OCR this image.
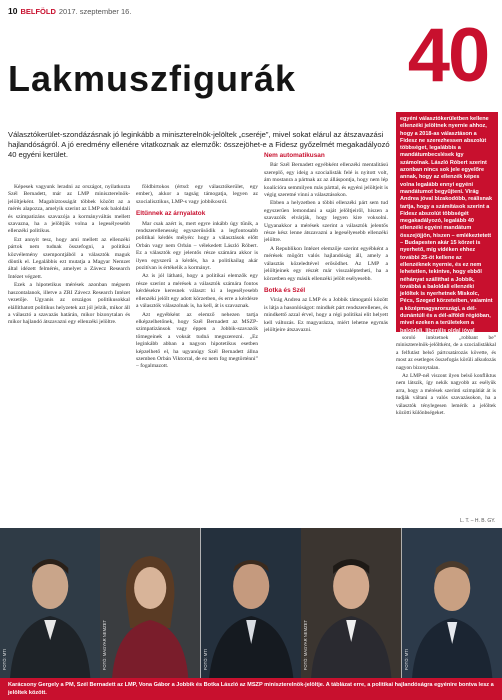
10 BELFÖLD 2017. szeptember 16.
40
Lakmuszfigurák

Választókerület-szondázásnak jó leginkább a miniszterelnök-jelöltek „cseréje”, mivel sokat elárul az átszavazási hajlandóságról. A jó eredmény ellenére vitatkoznak az elemzők: összejöhet-e a Fidesz győzelmét megakadályozó 40 egyéni kerület.

Képesek vagyunk leradni az országot, nyilatkozta Szél Bernadett, már az LMP miniszterelnök-jelöltjeként. Magabiztosságát többek között az a mérés alapozza, amelyik szerint az LMP sok baloldali és szimpatizáns szavazója a kormányváltás mellett szavazna, ha a jelöltjük volna a legesélyesebb ellenzéki politikus.

Ezt annyit tesz, hogy ami mellett az ellenzéki pártok nem tudnak összefogni, a politikai közvélemény szempontjából a választók maguk döntik el. Legalábbis ezt mutatja a Magyar Nemzet által idézett felmérés, amelyet a Závecz Research Intézet végzett.

Ezek a hipotetikus mérések azonban mégsem haszontalanok, illetve a ZRI Závecz Research Intézet vezetője. Ugyanis az országos politikusokkal elállíthatott politikus helyzetek azt jól jelzik, mikor áll a választó a szavazás határán, mikor bizonytalan és mikor hajlandó átszavazni egy ellenzéki jelöltre.

földbirtokos (értsd: egy választókerület, egy ember), akkor a tagság támogatja, legyen az szocialisztikus, LMP-s vagy jobbikosról.

Eltűnnek az árnyalatok

Mar csak azért is, mert egyre inkább úgy tűnik, a rendszerellenesség egyszerűsödik a legfontosabb politikai kérdés mélyén: hogy a választások előtt Orbán vagy nem Orbán – vélekedett László Róbert. Ez a választók egy jelentős része számára akkor is ilyen egyszerű a kérdés, ha a politikailag akár pozitívan is értékelik a kormányt.

Az is jól látható, hogy a politikai elemzők egy része szerint a mérések a választók számára fontos kérdésekre keresnek választ: ki a legesélyesebb ellenzéki jelölt egy adott körzetben, és erre a kérdésre a választók válaszolnak is, ha kell, át is szavaznak.

Azt egyébként az elemző nehezen tartja elképzelhetőnek, hogy Szél Bernadett az MSZP-szimpatizánsok vagy éppen a Jobbik-szavazók tömegeinek a voksát tudná megszerezni. „Ez leginkább abban a nagyon hipotetikus esetben képzelhető el, ha ugyanúgy Szél Bernadett állna szemben Orbán Viktorral, de ez nem fog megtörténni” – fogalmazott.

Nem automatikusan

Bár Szél Bernadett egyébként ellenzéki mentalitású szereplő, egy ideig a szocialisták felé is nyitott volt, ám mostanra a pártnak az az álláspontja, hogy nem lép koalícióra semmilyen más párttal, és egyéni jelöltjeit is végig szeretné vinni a választásokon.

Ebben a helyzetben a többi ellenzéki párt sem tud egyszerűen lemondani a saját jelöltjeiről, hiszen a szavazóik elvárják, hogy legyen kire voksolni. Ugyanakkor a mérések szerint a választók jelentős része kész lenne átszavazni a legesélyesebb ellenzéki jelöltre.

A Republikon Intézet elemzője szerint egyébként a mérések mögött valós hajlandóság áll, amely a választás közeledtével erősödhet. Az LMP a jelöltjeinek egy részét már visszaléptetheti, ha a körzetben egy másik ellenzéki jelölt esélyesebb.

Botka és Szél

Virág Andrea az LMP és a Jobbik támogatói között is látja a hasonlóságot: mindkét párt rendszerellenes, és mindkettő azzal érvel, hogy a régi politikai elit helyett kell változás. Ez magyarázza, miért lehetne egymás jelöltjeire átszavazni.

egyéni választókerületben kellene ellenzéki jelöltnek nyernie ahhoz, hogy a 2018-as választáson a Fidesz ne szerezhessen abszolút többséget, legalábbis a mandátumbecslések így számolnak. László Róbert szerint azonban nincs sok jele egyelőre annak, hogy az ellenzék képes volna legalább ennyi egyéni mandátumot begyűjteni. Virág Andrea jóval bizakodóbb, reálisnak tartja, hogy a számítások szerint a Fidesz abszolút többségét megakadályozó, legalább 40 ellenzéki egyéni mandátum összejöjjön, hiszen – emlékeztetett – Budapesten akár 15 körzet is nyerhető, míg vidéken ehhez további 25-öt kellene az ellenzéknek nyernie, és ez nem lehetetlen, tekintve, hogy ebből néhányat szállíthat a Jobbik, továbbá a baloldali ellenzéki jelöltek is nyerhetnek Miskolc, Pécs, Szeged körzeteiben, valamint a középmagyarországi, a dél-dunántúli és a dél-alföldi régióban, mivel ezeken a területeken a baloldali, liberális oldal jóval

soroló intézetnek „robbant be” miniszterelnök-jelöltként, de a szocialistákkal a felfutást belső pártcsatározás követte, és most az esetleges összefogás körüli alkudozás nagyon bizonytalan.

Az LMP-nél viszont ilyen belső konfliktus nem látszik, így nekik nagyobb az esélyük arra, hogy a mérések szerinti szimpátiát át is tudják váltani a valós szavazásokon, ha a választók ténylegesen lemérik a jelöltek közötti különbségeket.

L. T. – H. B. GY.
FOTÓ: MTI	FOTÓ: MAGYAR NEMZET	FOTÓ: MTI	FOTÓ: MAGYAR NEMZET	FOTÓ: MTI
Karácsony Gergely a PM, Szél Bernadett az LMP, Vona Gábor a Jobbik és Botka László az MSZP miniszterelnök-jelöltje. A táblázat erre, a politikai hajlandóságra egyénire bontva lesz a jelöltek között.
